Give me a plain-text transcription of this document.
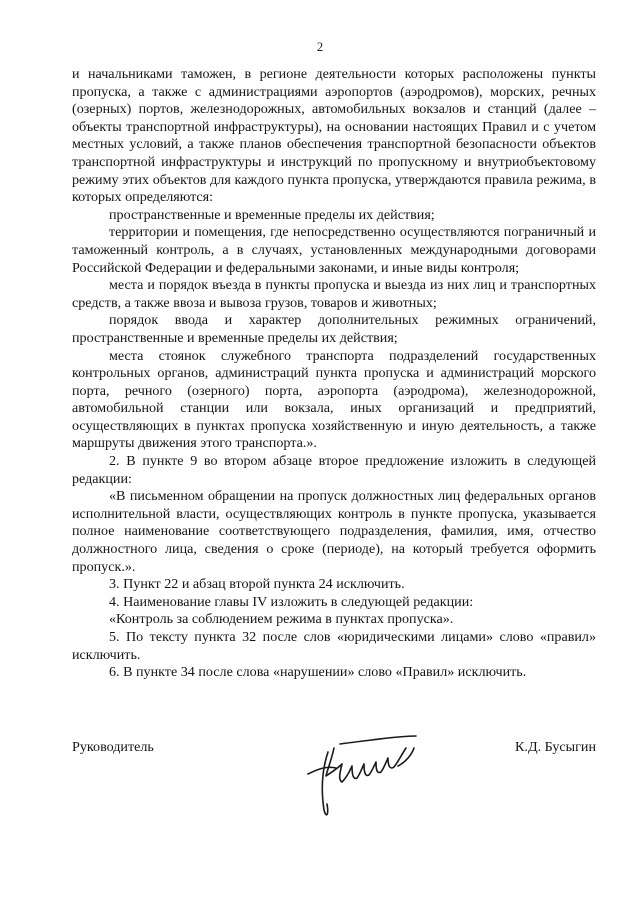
2

и начальниками таможен, в регионе деятельности которых расположены пункты пропуска, а также с администрациями аэропортов (аэродромов), морских, речных (озерных) портов, железнодорожных, автомобильных вокзалов и станций (далее – объекты транспортной инфраструктуры), на основании настоящих Правил и с учетом местных условий, а также планов обеспечения транспортной безопасности объектов транспортной инфраструктуры и инструкций по пропускному и внутриобъектовому режиму этих объектов для каждого пункта пропуска, утверждаются правила режима, в которых определяются:

пространственные и временные пределы их действия;

территории и помещения, где непосредственно осуществляются пограничный и таможенный контроль, а в случаях, установленных международными договорами Российской Федерации и федеральными законами, и иные виды контроля;

места и порядок въезда в пункты пропуска и выезда из них лиц и транспортных средств, а также ввоза и вывоза грузов, товаров и животных;

порядок ввода и характер дополнительных режимных ограничений, пространственные и временные пределы их действия;

места стоянок служебного транспорта подразделений государственных контрольных органов, администраций пункта пропуска и администраций морского порта, речного (озерного) порта, аэропорта (аэродрома), железнодорожной, автомобильной станции или вокзала, иных организаций и предприятий, осуществляющих в пунктах пропуска хозяйственную и иную деятельность, а также маршруты движения этого транспорта.».

2. В пункте 9 во втором абзаце второе предложение изложить в следующей редакции:

«В письменном обращении на пропуск должностных лиц федеральных органов исполнительной власти, осуществляющих контроль в пункте пропуска, указывается полное наименование соответствующего подразделения, фамилия, имя, отчество должностного лица, сведения о сроке (периоде), на который требуется оформить пропуск.».

3. Пункт 22 и абзац второй пункта 24 исключить.

4. Наименование главы IV изложить в следующей редакции:

«Контроль за соблюдением режима в пунктах пропуска».

5. По тексту пункта 32 после слов «юридическими лицами» слово «правил» исключить.

6. В пункте 34 после слова «нарушении» слово «Правил» исключить.

Руководитель	К.Д. Бусыгин
